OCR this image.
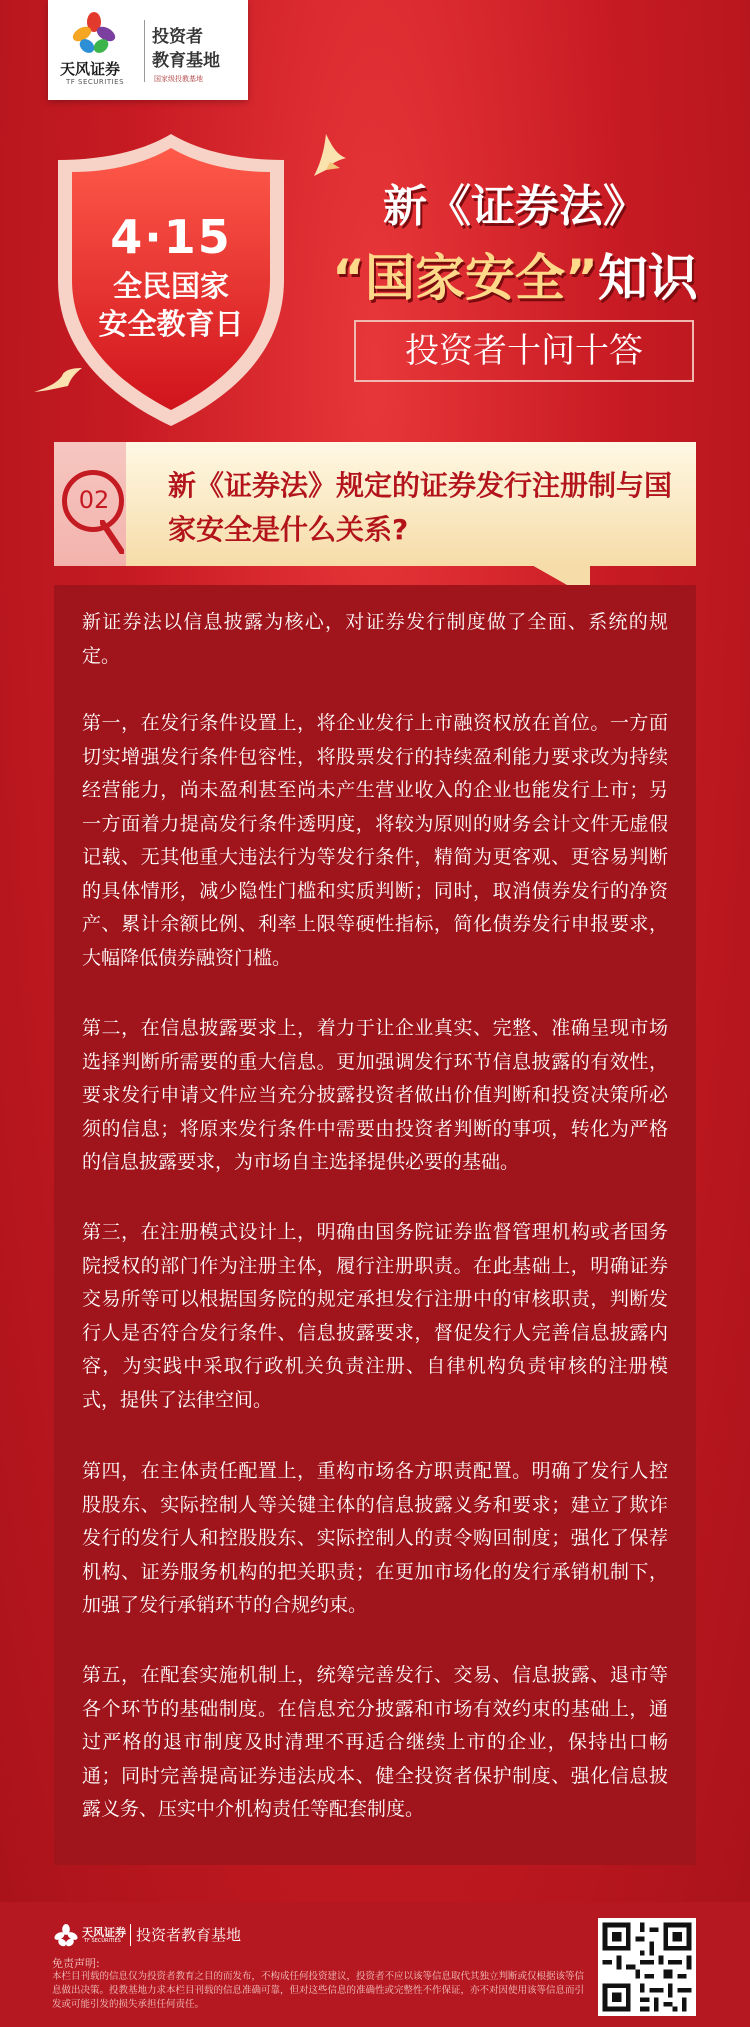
天风证券
TF SECURITIES
投资者
教育基地
国家级投教基地
4·15
全民国家
安全教育日
新《证券法》
“国家安全”知识
投资者十问十答
02	新《证券法》规定的证券发行注册制与国家安全是什么关系?
新证券法以信息披露为核心，对证券发行制度做了全面、系统的规定。
第一，在发行条件设置上，将企业发行上市融资权放在首位。一方面切实增强发行条件包容性，将股票发行的持续盈利能力要求改为持续经营能力，尚未盈利甚至尚未产生营业收入的企业也能发行上市；另一方面着力提高发行条件透明度，将较为原则的财务会计文件无虚假记载、无其他重大违法行为等发行条件，精简为更客观、更容易判断的具体情形，减少隐性门槛和实质判断；同时，取消债券发行的净资产、累计余额比例、利率上限等硬性指标，简化债券发行申报要求，大幅降低债券融资门槛。
第二，在信息披露要求上，着力于让企业真实、完整、准确呈现市场选择判断所需要的重大信息。更加强调发行环节信息披露的有效性，要求发行申请文件应当充分披露投资者做出价值判断和投资决策所必须的信息；将原来发行条件中需要由投资者判断的事项，转化为严格的信息披露要求，为市场自主选择提供必要的基础。
第三，在注册模式设计上，明确由国务院证券监督管理机构或者国务院授权的部门作为注册主体，履行注册职责。在此基础上，明确证券交易所等可以根据国务院的规定承担发行注册中的审核职责，判断发行人是否符合发行条件、信息披露要求，督促发行人完善信息披露内容，为实践中采取行政机关负责注册、自律机构负责审核的注册模式，提供了法律空间。
第四，在主体责任配置上，重构市场各方职责配置。明确了发行人控股股东、实际控制人等关键主体的信息披露义务和要求；建立了欺诈发行的发行人和控股股东、实际控制人的责令购回制度；强化了保荐机构、证券服务机构的把关职责；在更加市场化的发行承销机制下，加强了发行承销环节的合规约束。
第五，在配套实施机制上，统筹完善发行、交易、信息披露、退市等各个环节的基础制度。在信息充分披露和市场有效约束的基础上，通过严格的退市制度及时清理不再适合继续上市的企业，保持出口畅通；同时完善提高证券违法成本、健全投资者保护制度、强化信息披露义务、压实中介机构责任等配套制度。
天风证券
TF SECURITIES 投资者教育基地
免责声明:
本栏目刊载的信息仅为投资者教育之目的而发布，不构成任何投资建议，投资者不应以该等信息取代其独立判断或仅根据该等信息做出决策。投教基地力求本栏目刊载的信息准确可靠，但对这些信息的准确性或完整性不作保证，亦不对因使用该等信息而引发或可能引发的损失承担任何责任。
